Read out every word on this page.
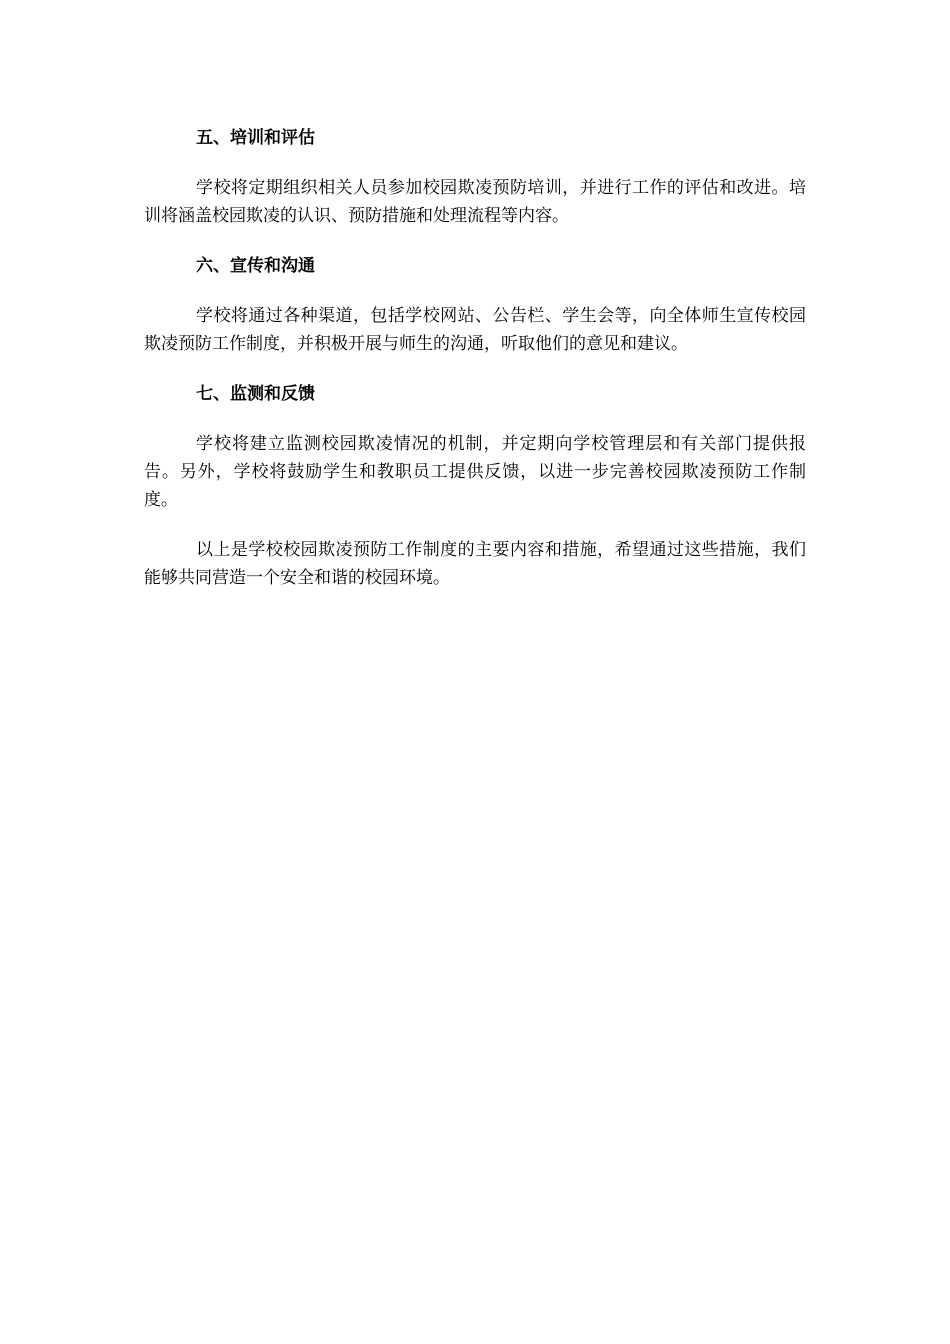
五、培训和评估

学校将定期组织相关人员参加校园欺凌预防培训，并进行工作的评估和改进。培训将涵盖校园欺凌的认识、预防措施和处理流程等内容。

六、宣传和沟通

学校将通过各种渠道，包括学校网站、公告栏、学生会等，向全体师生宣传校园欺凌预防工作制度，并积极开展与师生的沟通，听取他们的意见和建议。

七、监测和反馈

学校将建立监测校园欺凌情况的机制，并定期向学校管理层和有关部门提供报告。另外，学校将鼓励学生和教职员工提供反馈，以进一步完善校园欺凌预防工作制度。

以上是学校校园欺凌预防工作制度的主要内容和措施，希望通过这些措施，我们能够共同营造一个安全和谐的校园环境。
